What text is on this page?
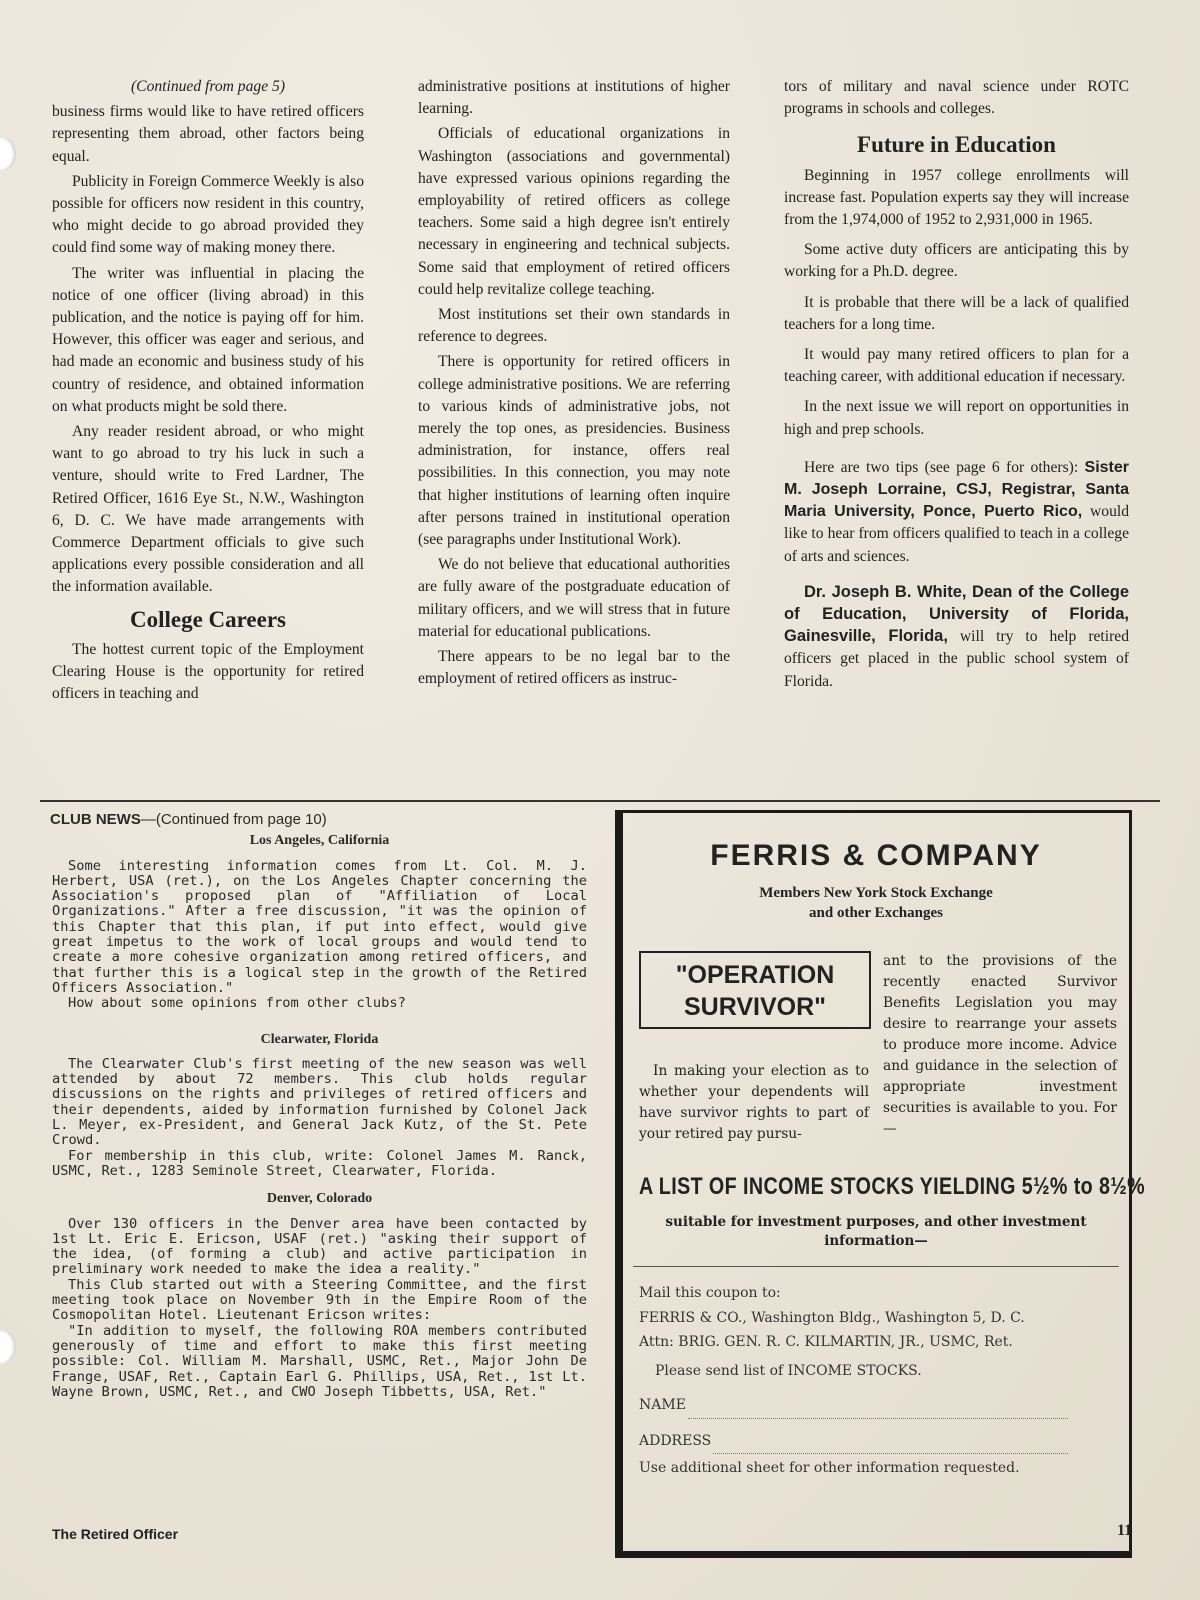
(Continued from page 5)

business firms would like to have retired officers representing them abroad, other factors being equal.

Publicity in Foreign Commerce Weekly is also possible for officers now resident in this country, who might decide to go abroad provided they could find some way of making money there.

The writer was influential in placing the notice of one officer (living abroad) in this publication, and the notice is paying off for him. However, this officer was eager and serious, and had made an economic and business study of his country of residence, and obtained information on what products might be sold there.

Any reader resident abroad, or who might want to go abroad to try his luck in such a venture, should write to Fred Lardner, The Retired Officer, 1616 Eye St., N.W., Washington 6, D. C. We have made arrangements with Commerce Department officials to give such applications every possible consideration and all the information available.

College Careers

The hottest current topic of the Employment Clearing House is the opportunity for retired officers in teaching and

administrative positions at institutions of higher learning.

Officials of educational organizations in Washington (associations and governmental) have expressed various opinions regarding the employability of retired officers as college teachers. Some said a high degree isn't entirely necessary in engineering and technical subjects. Some said that employment of retired officers could help revitalize college teaching.

Most institutions set their own standards in reference to degrees.

There is opportunity for retired officers in college administrative positions. We are referring to various kinds of administrative jobs, not merely the top ones, as presidencies. Business administration, for instance, offers real possibilities. In this connection, you may note that higher institutions of learning often inquire after persons trained in institutional operation (see paragraphs under Institutional Work).

We do not believe that educational authorities are fully aware of the postgraduate education of military officers, and we will stress that in future material for educational publications.

There appears to be no legal bar to the employment of retired officers as instruc-

tors of military and naval science under ROTC programs in schools and colleges.

Future in Education

Beginning in 1957 college enrollments will increase fast. Population experts say they will increase from the 1,974,000 of 1952 to 2,931,000 in 1965.

Some active duty officers are anticipating this by working for a Ph.D. degree.

It is probable that there will be a lack of qualified teachers for a long time.

It would pay many retired officers to plan for a teaching career, with additional education if necessary.

In the next issue we will report on opportunities in high and prep schools.

Here are two tips (see page 6 for others): Sister M. Joseph Lorraine, CSJ, Registrar, Santa Maria University, Ponce, Puerto Rico, would like to hear from officers qualified to teach in a college of arts and sciences.

Dr. Joseph B. White, Dean of the College of Education, University of Florida, Gainesville, Florida, will try to help retired officers get placed in the public school system of Florida.

CLUB NEWS—(Continued from page 10)
Los Angeles, California

Some interesting information comes from Lt. Col. M. J. Herbert, USA (ret.), on the Los Angeles Chapter concerning the Association's proposed plan of "Affiliation of Local Organizations." After a free discussion, "it was the opinion of this Chapter that this plan, if put into effect, would give great impetus to the work of local groups and would tend to create a more cohesive organization among retired officers, and that further this is a logical step in the growth of the Retired Officers Association."

How about some opinions from other clubs?

Clearwater, Florida

The Clearwater Club's first meeting of the new season was well attended by about 72 members. This club holds regular discussions on the rights and privileges of retired officers and their dependents, aided by information furnished by Colonel Jack L. Meyer, ex-President, and General Jack Kutz, of the St. Pete Crowd.

For membership in this club, write: Colonel James M. Ranck, USMC, Ret., 1283 Seminole Street, Clearwater, Florida.

Denver, Colorado

Over 130 officers in the Denver area have been contacted by 1st Lt. Eric E. Ericson, USAF (ret.) "asking their support of the idea, (of forming a club) and active participation in preliminary work needed to make the idea a reality."

This Club started out with a Steering Committee, and the first meeting took place on November 9th in the Empire Room of the Cosmopolitan Hotel. Lieutenant Ericson writes:

"In addition to myself, the following ROA members contributed generously of time and effort to make this first meeting possible: Col. William M. Marshall, USMC, Ret., Major John De Frange, USAF, Ret., Captain Earl G. Phillips, USA, Ret., 1st Lt. Wayne Brown, USMC, Ret., and CWO Joseph Tibbetts, USA, Ret."

FERRIS & COMPANY
Members New York Stock Exchange
and other Exchanges
"OPERATION
SURVIVOR"
In making your election as to whether your dependents will have survivor rights to part of your retired pay pursu-
ant to the provisions of the recently enacted Survivor Benefits Legislation you may desire to rearrange your assets to produce more income. Advice and guidance in the selection of appropriate investment securities is available to you. For—
A LIST OF INCOME STOCKS YIELDING 5½% to 8½%
suitable for investment purposes, and other investment information—

Mail this coupon to:

FERRIS & CO., Washington Bldg., Washington 5, D. C.

Attn: BRIG. GEN. R. C. KILMARTIN, JR., USMC, Ret.

Please send list of INCOME STOCKS.

NAME

ADDRESS

Use additional sheet for other information requested.

The Retired Officer	11
